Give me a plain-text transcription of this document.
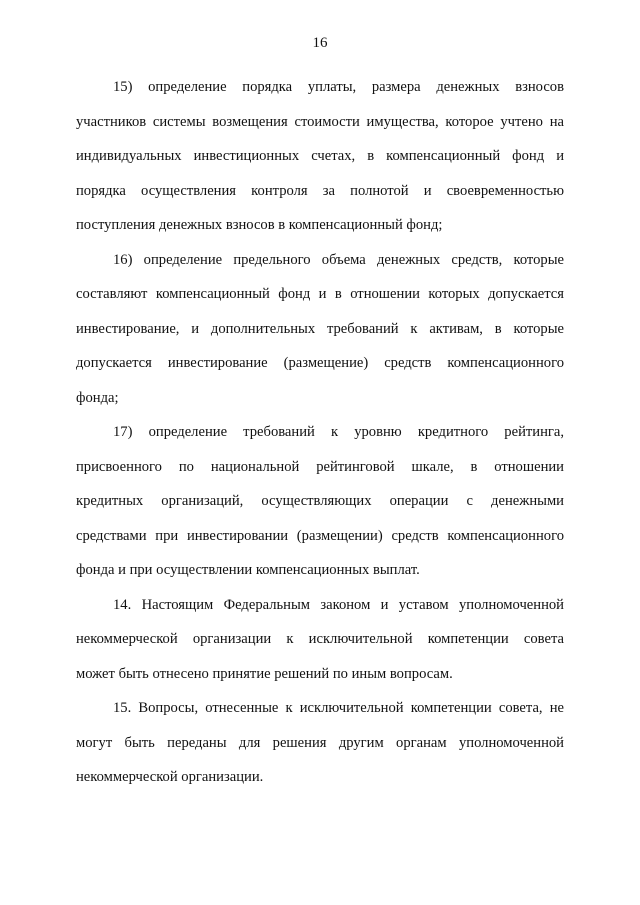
16

15) определение порядка уплаты, размера денежных взносов
участников системы возмещения стоимости имущества, которое учтено на
индивидуальных инвестиционных счетах, в компенсационный фонд и
порядка осуществления контроля за полнотой и своевременностью
поступления денежных взносов в компенсационный фонд;

16) определение предельного объема денежных средств, которые
составляют компенсационный фонд и в отношении которых допускается
инвестирование, и дополнительных требований к активам, в которые
допускается инвестирование (размещение) средств компенсационного
фонда;

17) определение требований к уровню кредитного рейтинга,
присвоенного по национальной рейтинговой шкале, в отношении
кредитных организаций, осуществляющих операции с денежными
средствами при инвестировании (размещении) средств компенсационного
фонда и при осуществлении компенсационных выплат.

14. Настоящим Федеральным законом и уставом уполномоченной
некоммерческой организации к исключительной компетенции совета
может быть отнесено принятие решений по иным вопросам.

15. Вопросы, отнесенные к исключительной компетенции совета, не
могут быть переданы для решения другим органам уполномоченной
некоммерческой организации.
